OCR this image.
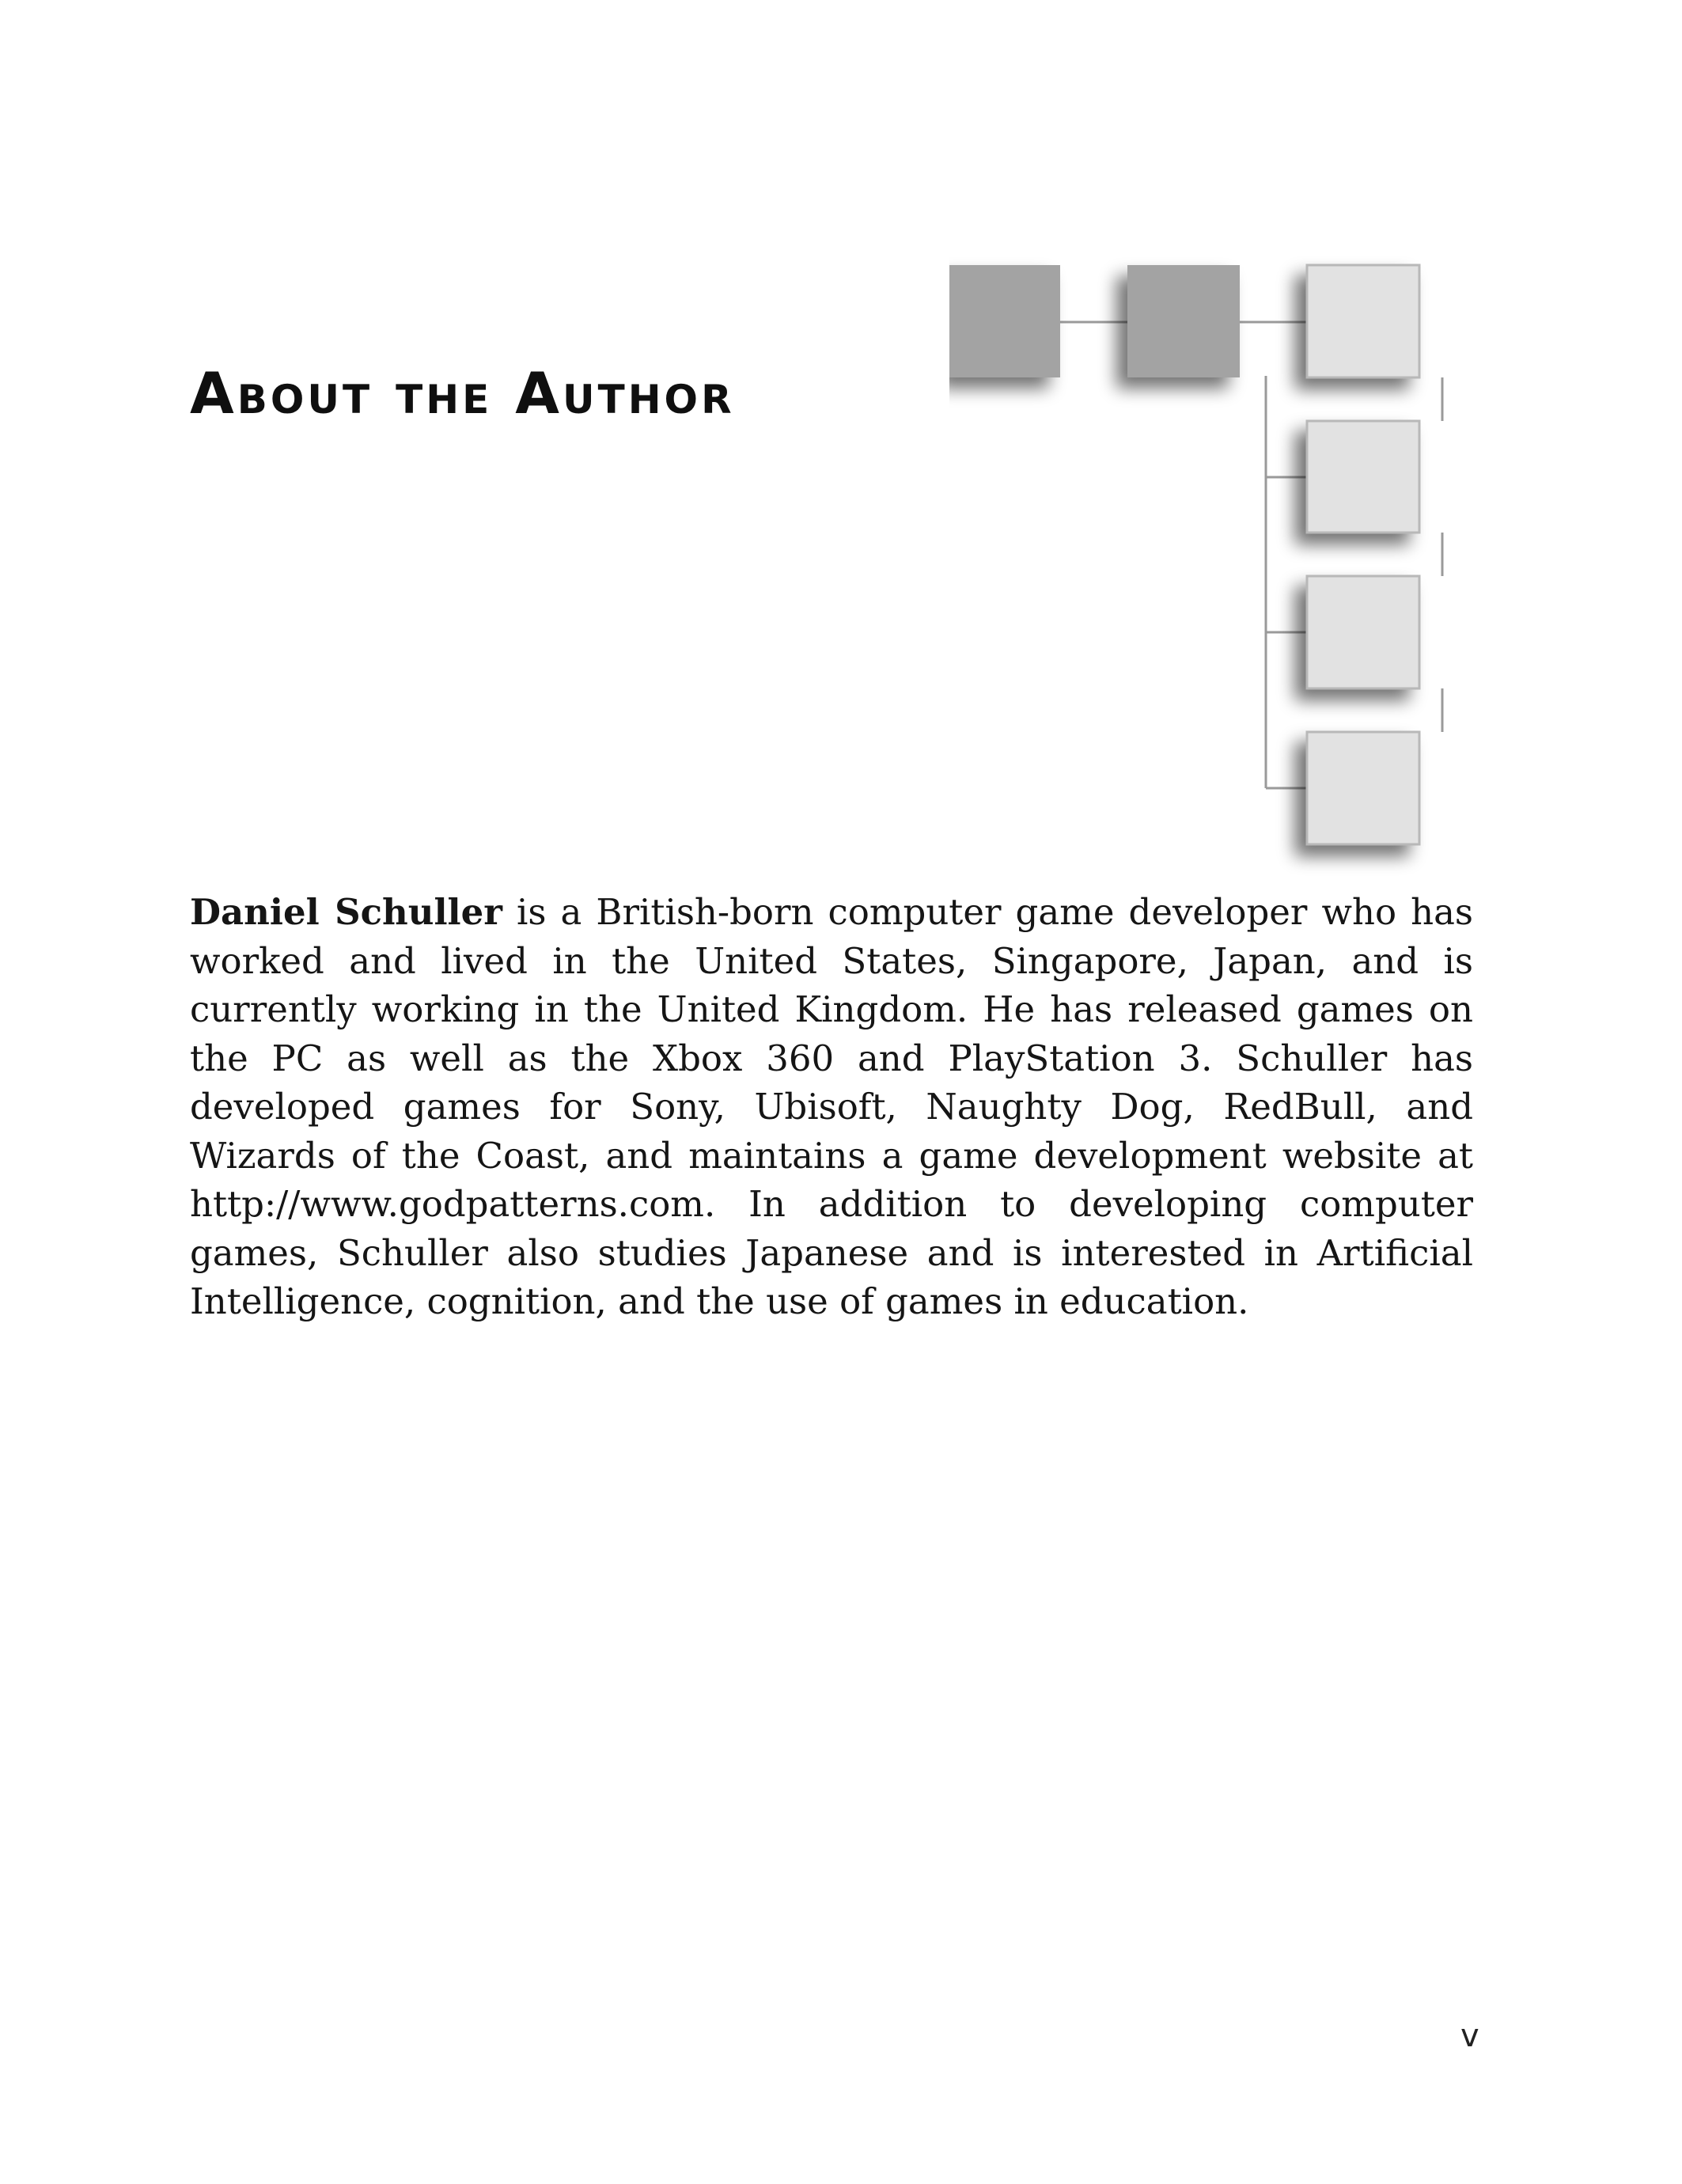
About the Author

Daniel Schuller is a British-born computer game developer who has worked and lived in the United States, Singapore, Japan, and is currently working in the United Kingdom. He has released games on the PC as well as the Xbox 360 and PlayStation 3. Schuller has developed games for Sony, Ubisoft, Naughty Dog, RedBull, and Wizards of the Coast, and maintains a game development website at http://www.godpatterns.com. In addition to developing computer games, Schuller also studies Japanese and is interested in Artificial Intelligence, cognition, and the use of games in education.

v
